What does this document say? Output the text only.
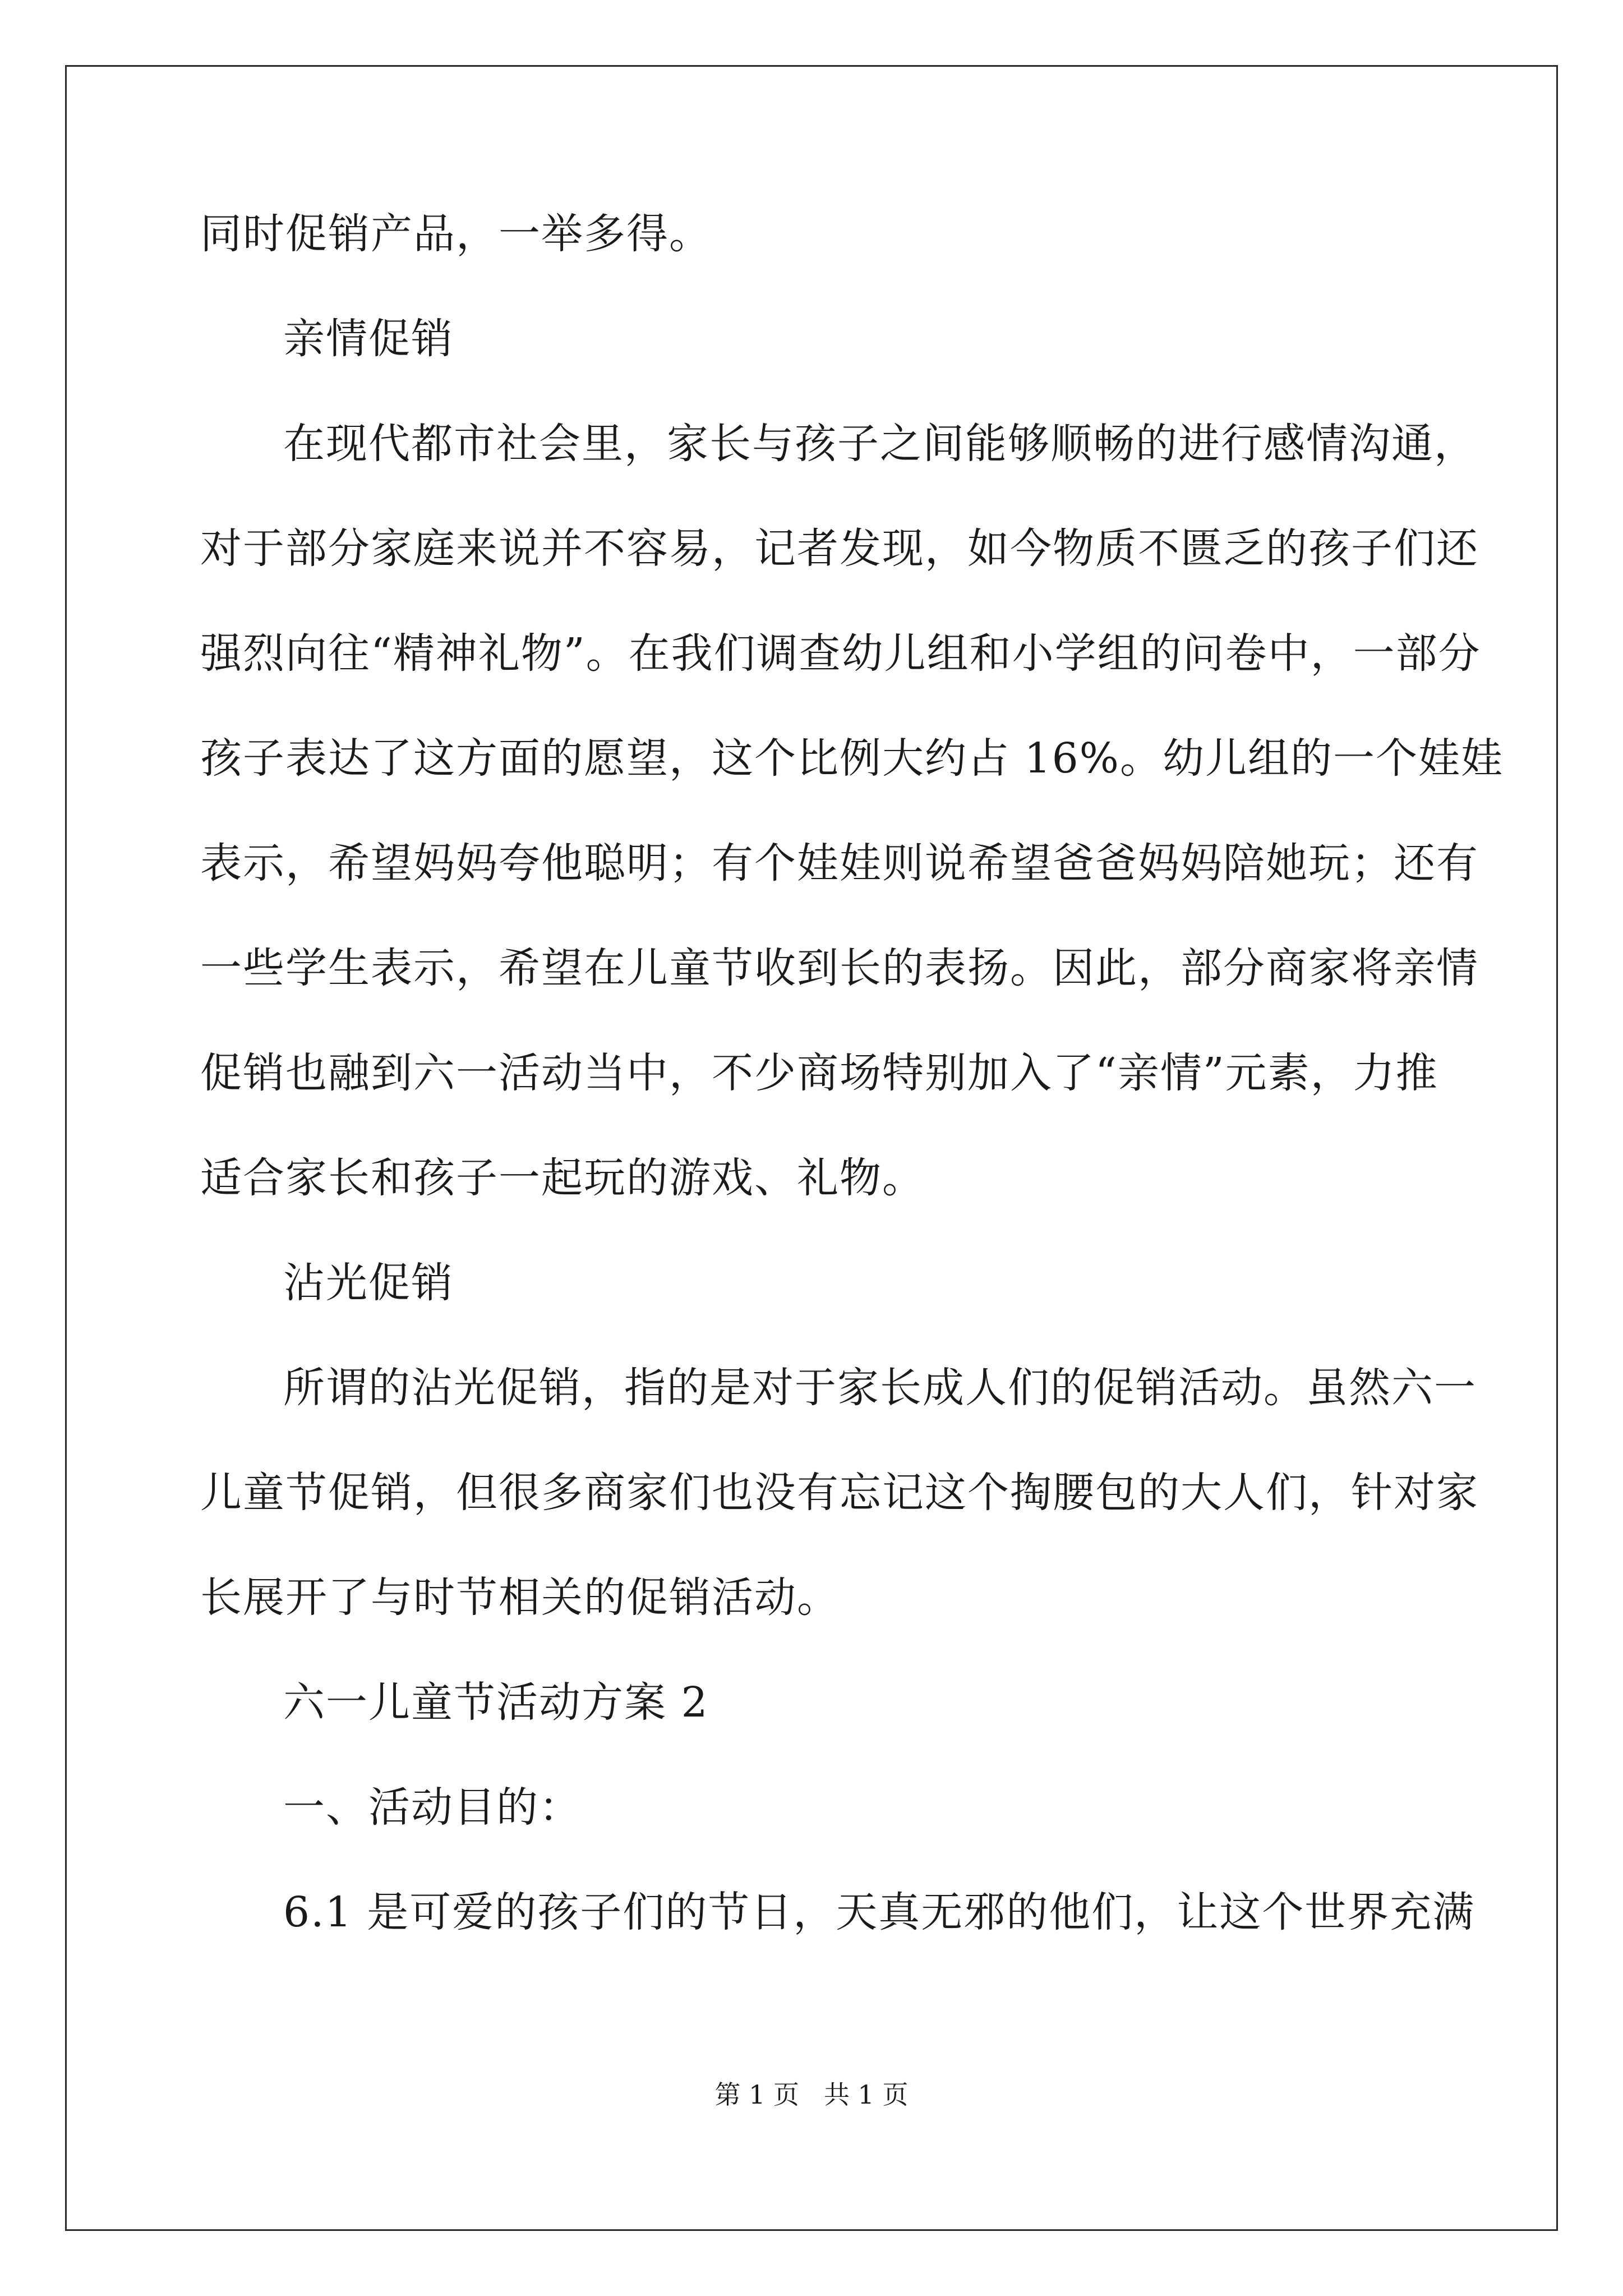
同时促销产品，一举多得。
亲情促销
在现代都市社会里，家长与孩子之间能够顺畅的进行感情沟通，
对于部分家庭来说并不容易，记者发现，如今物质不匮乏的孩子们还
强烈向往“精神礼物”。在我们调查幼儿组和小学组的问卷中，一部分
孩子表达了这方面的愿望，这个比例大约占 16%。幼儿组的一个娃娃
表示，希望妈妈夸他聪明；有个娃娃则说希望爸爸妈妈陪她玩；还有
一些学生表示，希望在儿童节收到长的表扬。因此，部分商家将亲情
促销也融到六一活动当中，不少商场特别加入了“亲情”元素，力推
适合家长和孩子一起玩的游戏、礼物。
沾光促销
所谓的沾光促销，指的是对于家长成人们的促销活动。虽然六一
儿童节促销，但很多商家们也没有忘记这个掏腰包的大人们，针对家
长展开了与时节相关的促销活动。
六一儿童节活动方案 2
一、活动目的：
6.1 是可爱的孩子们的节日，天真无邪的他们，让这个世界充满
第 1 页 共 1 页
